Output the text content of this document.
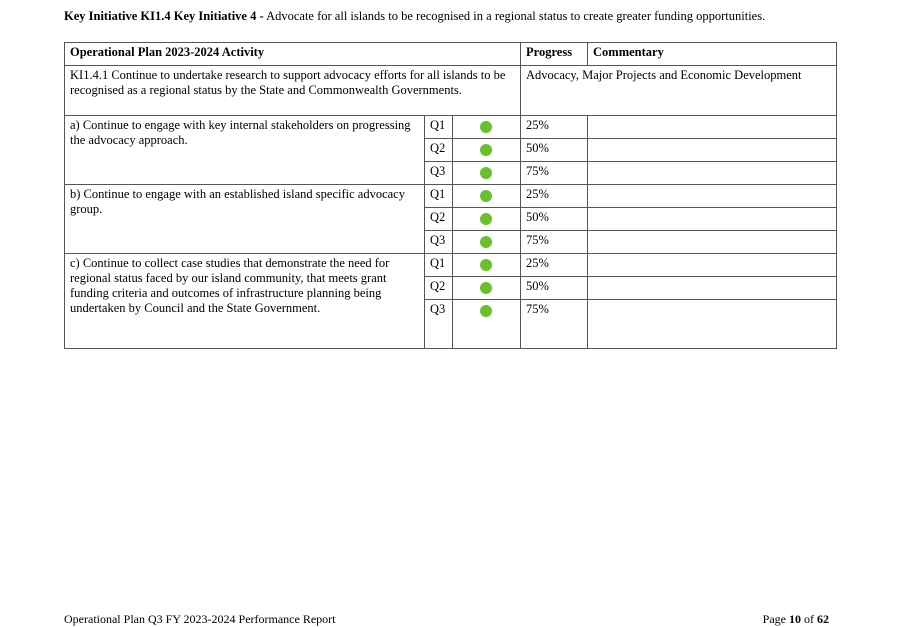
Key Initiative KI1.4 Key Initiative 4 - Advocate for all islands to be recognised in a regional status to create greater funding opportunities.
Operational Plan 2023-2024 Activity			Progress	Commentary
KI1.4.1 Continue to undertake research to support advocacy efforts for all islands to be recognised as a regional status by the State and Commonwealth Governments.			Advocacy, Major Projects and Economic Development	
a) Continue to engage with key internal stakeholders on progressing the advocacy approach.	Q1		25%	
	Q2		50%	
	Q3		75%	
b) Continue to engage with an established island specific advocacy group.	Q1		25%	
	Q2		50%	
	Q3		75%	
c) Continue to collect case studies that demonstrate the need for regional status faced by our island community, that meets grant funding criteria and outcomes of infrastructure planning being undertaken by Council and the State Government.	Q1		25%	
	Q2		50%	
	Q3		75%	
Operational Plan Q3 FY 2023-2024 Performance Report	Page 10 of 62
